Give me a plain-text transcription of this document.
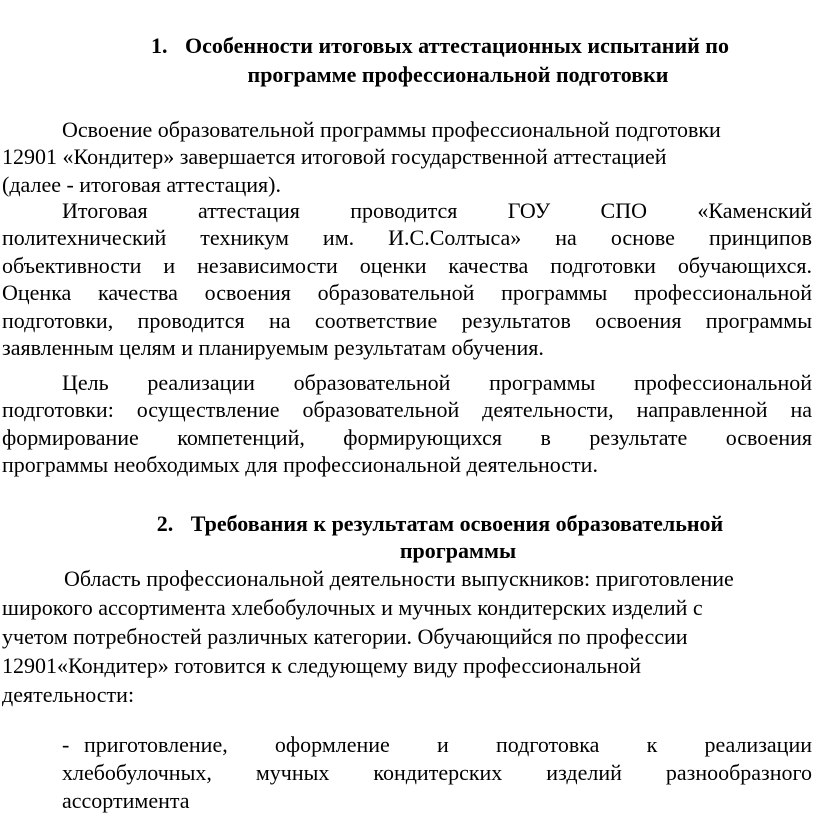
1. Особенности итоговых аттестационных испытаний по
программе профессиональной подготовки
Освоение образовательной программы профессиональной подготовки
12901 «Кондитер» завершается итоговой государственной аттестацией
(далее - итоговая аттестация).
Итоговая аттестация проводится ГОУ СПО «Каменский
политехнический техникум им. И.С.Солтыса» на основе принципов
объективности и независимости оценки качества подготовки обучающихся.
Оценка качества освоения образовательной программы профессиональной
подготовки, проводится на соответствие результатов освоения программы
заявленным целям и планируемым результатам обучения.
Цель реализации образовательной программы профессиональной
подготовки: осуществление образовательной деятельности, направленной на
формирование компетенций, формирующихся в результате освоения
программы необходимых для профессиональной деятельности.
2. Требования к результатам освоения образовательной
программы
Область профессиональной деятельности выпускников: приготовление
широкого ассортимента хлебобулочных и мучных кондитерских изделий с
учетом потребностей различных категории. Обучающийся по профессии
12901«Кондитер» готовится к следующему виду профессиональной
деятельности:
- приготовление, оформление и подготовка к реализации
хлебобулочных, мучных кондитерских изделий разнообразного
ассортимента
